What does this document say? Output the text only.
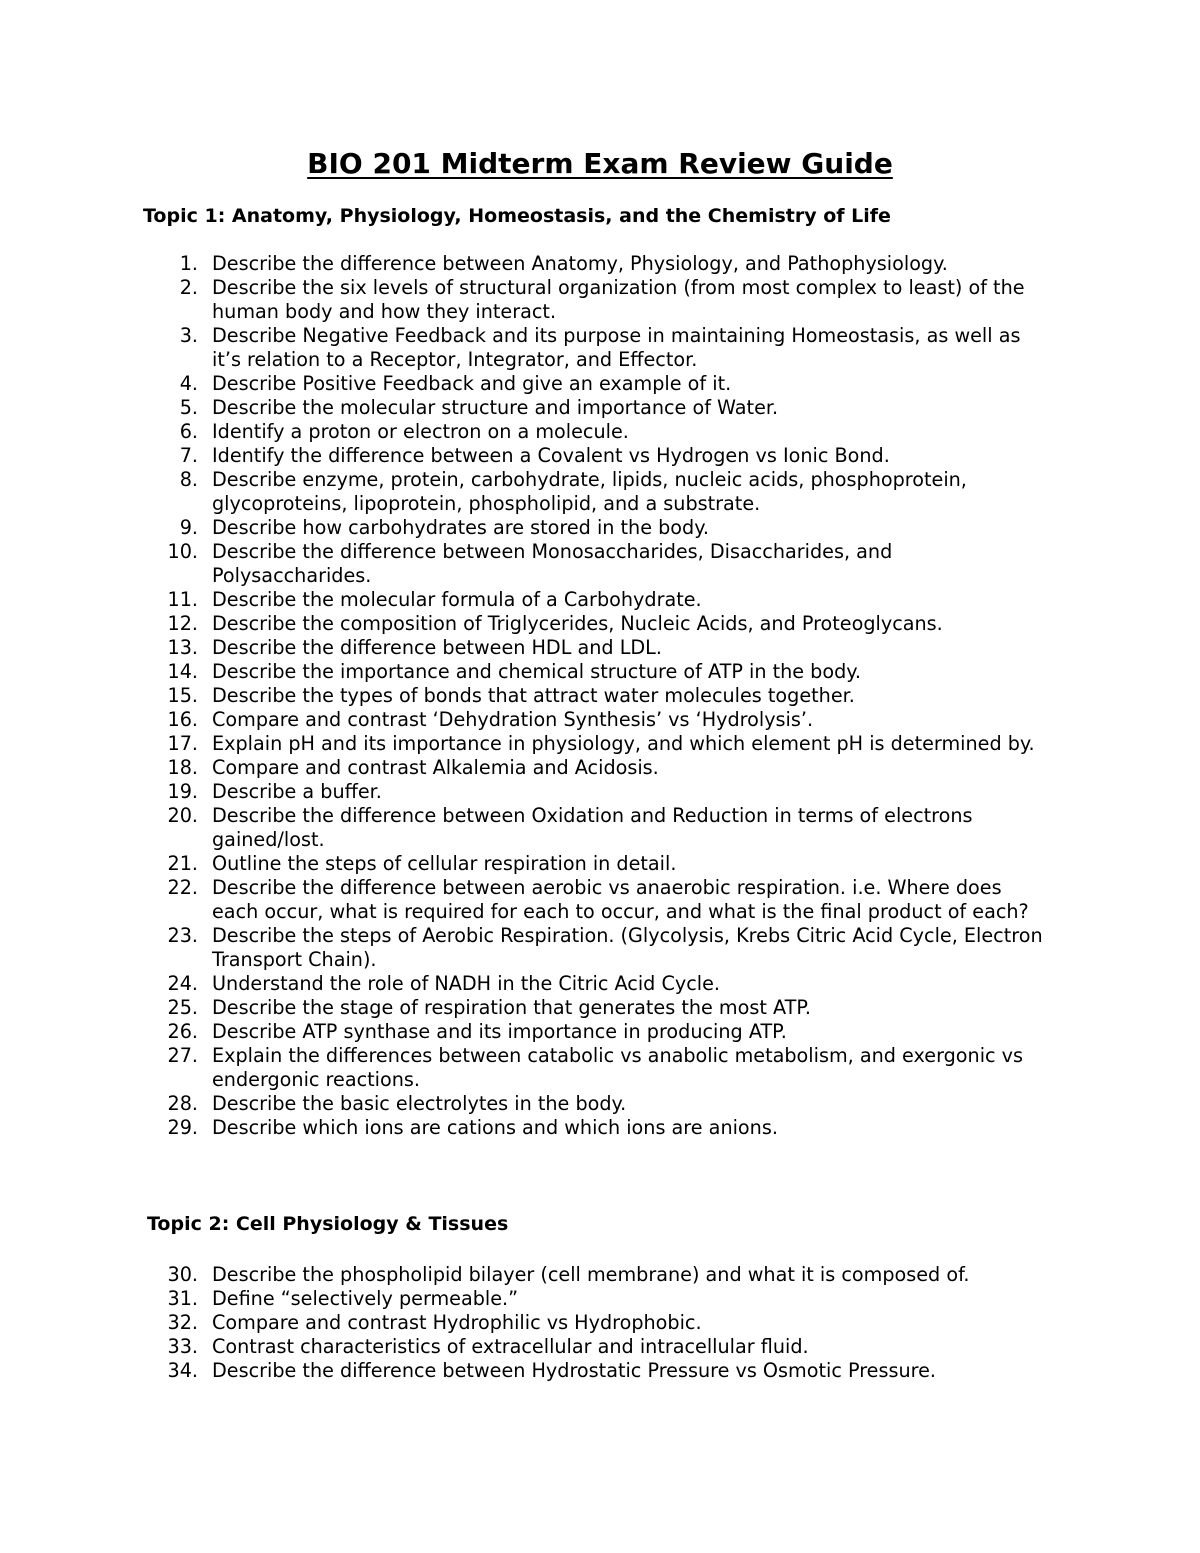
BIO 201 Midterm Exam Review Guide
Topic 1: Anatomy, Physiology, Homeostasis, and the Chemistry of Life
1. Describe the difference between Anatomy, Physiology, and Pathophysiology.
2. Describe the six levels of structural organization (from most complex to least) of the human body and how they interact.
3. Describe Negative Feedback and its purpose in maintaining Homeostasis, as well as it’s relation to a Receptor, Integrator, and Effector.
4. Describe Positive Feedback and give an example of it.
5. Describe the molecular structure and importance of Water.
6. Identify a proton or electron on a molecule.
7. Identify the difference between a Covalent vs Hydrogen vs Ionic Bond.
8. Describe enzyme, protein, carbohydrate, lipids, nucleic acids, phosphoprotein, glycoproteins, lipoprotein, phospholipid, and a substrate.
9. Describe how carbohydrates are stored in the body.
10. Describe the difference between Monosaccharides, Disaccharides, and Polysaccharides.
11. Describe the molecular formula of a Carbohydrate.
12. Describe the composition of Triglycerides, Nucleic Acids, and Proteoglycans.
13. Describe the difference between HDL and LDL.
14. Describe the importance and chemical structure of ATP in the body.
15. Describe the types of bonds that attract water molecules together.
16. Compare and contrast ‘Dehydration Synthesis’ vs ‘Hydrolysis’.
17. Explain pH and its importance in physiology, and which element pH is determined by.
18. Compare and contrast Alkalemia and Acidosis.
19. Describe a buffer.
20. Describe the difference between Oxidation and Reduction in terms of electrons gained/lost.
21. Outline the steps of cellular respiration in detail.
22. Describe the difference between aerobic vs anaerobic respiration. i.e. Where does each occur, what is required for each to occur, and what is the final product of each?
23. Describe the steps of Aerobic Respiration. (Glycolysis, Krebs Citric Acid Cycle, Electron Transport Chain).
24. Understand the role of NADH in the Citric Acid Cycle.
25. Describe the stage of respiration that generates the most ATP.
26. Describe ATP synthase and its importance in producing ATP.
27. Explain the differences between catabolic vs anabolic metabolism, and exergonic vs endergonic reactions.
28. Describe the basic electrolytes in the body.
29. Describe which ions are cations and which ions are anions.
Topic 2: Cell Physiology & Tissues
30. Describe the phospholipid bilayer (cell membrane) and what it is composed of.
31. Define “selectively permeable.”
32. Compare and contrast Hydrophilic vs Hydrophobic.
33. Contrast characteristics of extracellular and intracellular fluid.
34. Describe the difference between Hydrostatic Pressure vs Osmotic Pressure.
